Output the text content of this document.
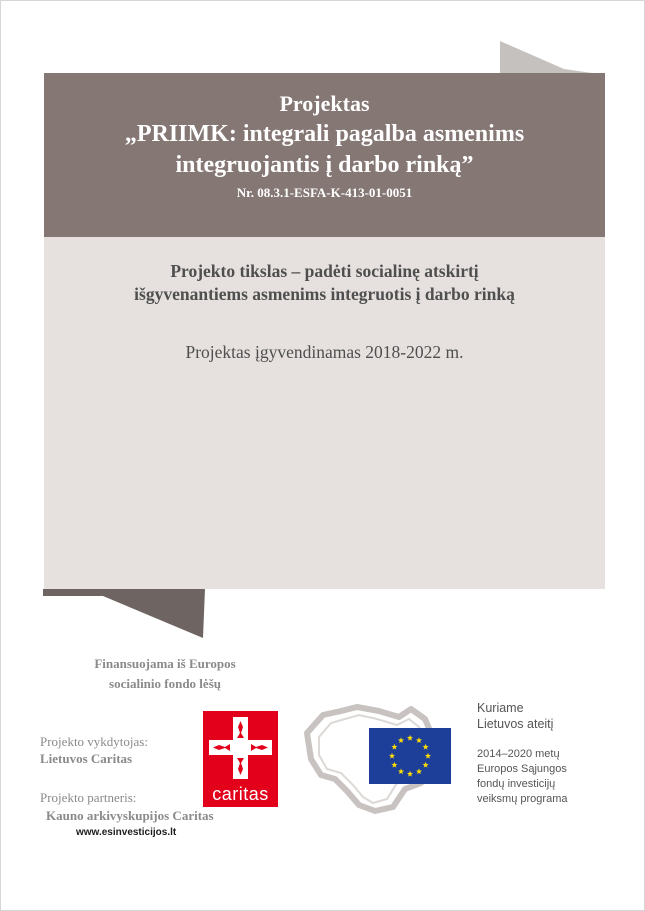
Projektas
„PRIIMK: integrali pagalba asmenims
integruojantis į darbo rinką”
Nr. 08.3.1-ESFA-K-413-01-0051
Projekto tikslas – padėti socialinę atskirtį
išgyvenantiems asmenims integruotis į darbo rinką
Projektas įgyvendinamas 2018-2022 m.
Finansuojama iš Europos
socialinio fondo lėšų
Projekto vykdytojas:
Lietuvos Caritas
Projekto partneris:
Kauno arkivyskupijos Caritas
www.esinvesticijos.lt
caritas
Kuriame
Lietuvos ateitį
2014–2020 metų
Europos Sąjungos
fondų investicijų
veiksmų programa
